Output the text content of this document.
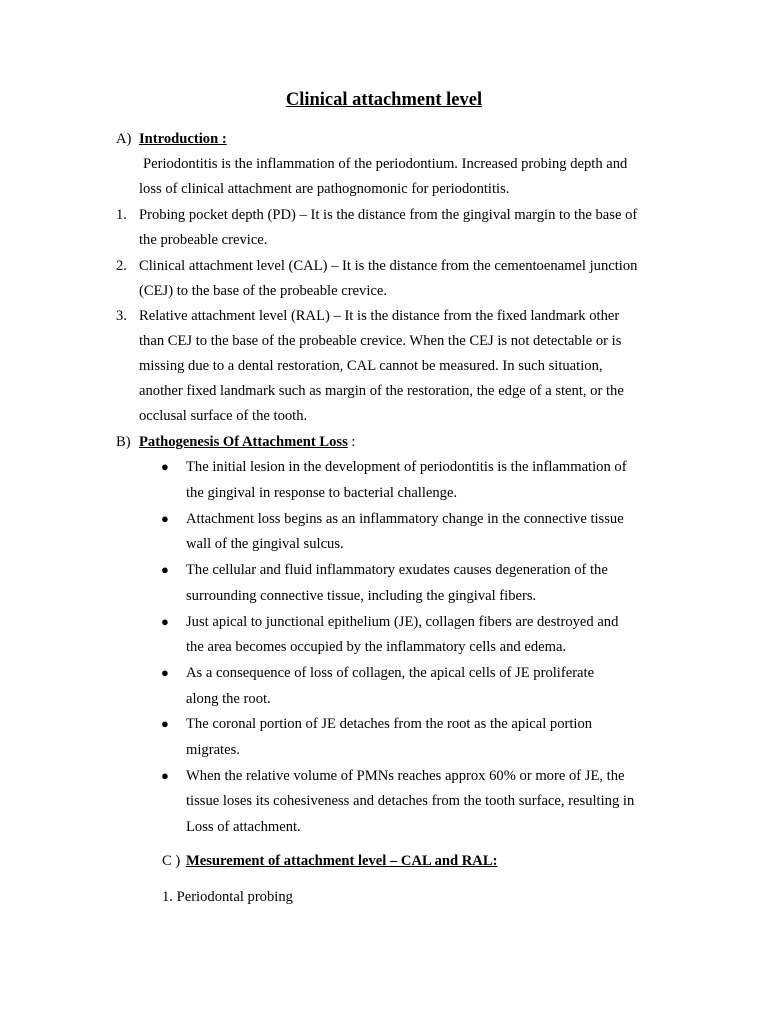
Clinical attachment level
A) Introduction :
Periodontitis is the inflammation of the periodontium. Increased probing depth and
loss of clinical attachment are pathognomonic for periodontitis.
1. Probing pocket depth (PD) – It is the distance from the gingival margin to the base of
the probeable crevice.
2. Clinical attachment level (CAL) – It is the distance from the cementoenamel junction
(CEJ) to the base of the probeable crevice.
3. Relative attachment level (RAL) – It is the distance from the fixed landmark other
than CEJ to the base of the probeable crevice. When the CEJ is not detectable or is
missing due to a dental restoration, CAL cannot be measured. In such situation,
another fixed landmark such as margin of the restoration, the edge of a stent, or the
occlusal surface of the tooth.
B) Pathogenesis Of Attachment Loss :
● The initial lesion in the development of periodontitis is the inflammation of
the gingival in response to bacterial challenge.
● Attachment loss begins as an inflammatory change in the connective tissue
wall of the gingival sulcus.
● The cellular and fluid inflammatory exudates causes degeneration of the
surrounding connective tissue, including the gingival fibers.
● Just apical to junctional epithelium (JE), collagen fibers are destroyed and
the area becomes occupied by the inflammatory cells and edema.
● As a consequence of loss of collagen, the apical cells of JE proliferate
along the root.
● The coronal portion of JE detaches from the root as the apical portion
migrates.
● When the relative volume of PMNs reaches approx 60% or more of JE, the
tissue loses its cohesiveness and detaches from the tooth surface, resulting in
Loss of attachment.
C ) Mesurement of attachment level – CAL and RAL:
1. Periodontal probing
